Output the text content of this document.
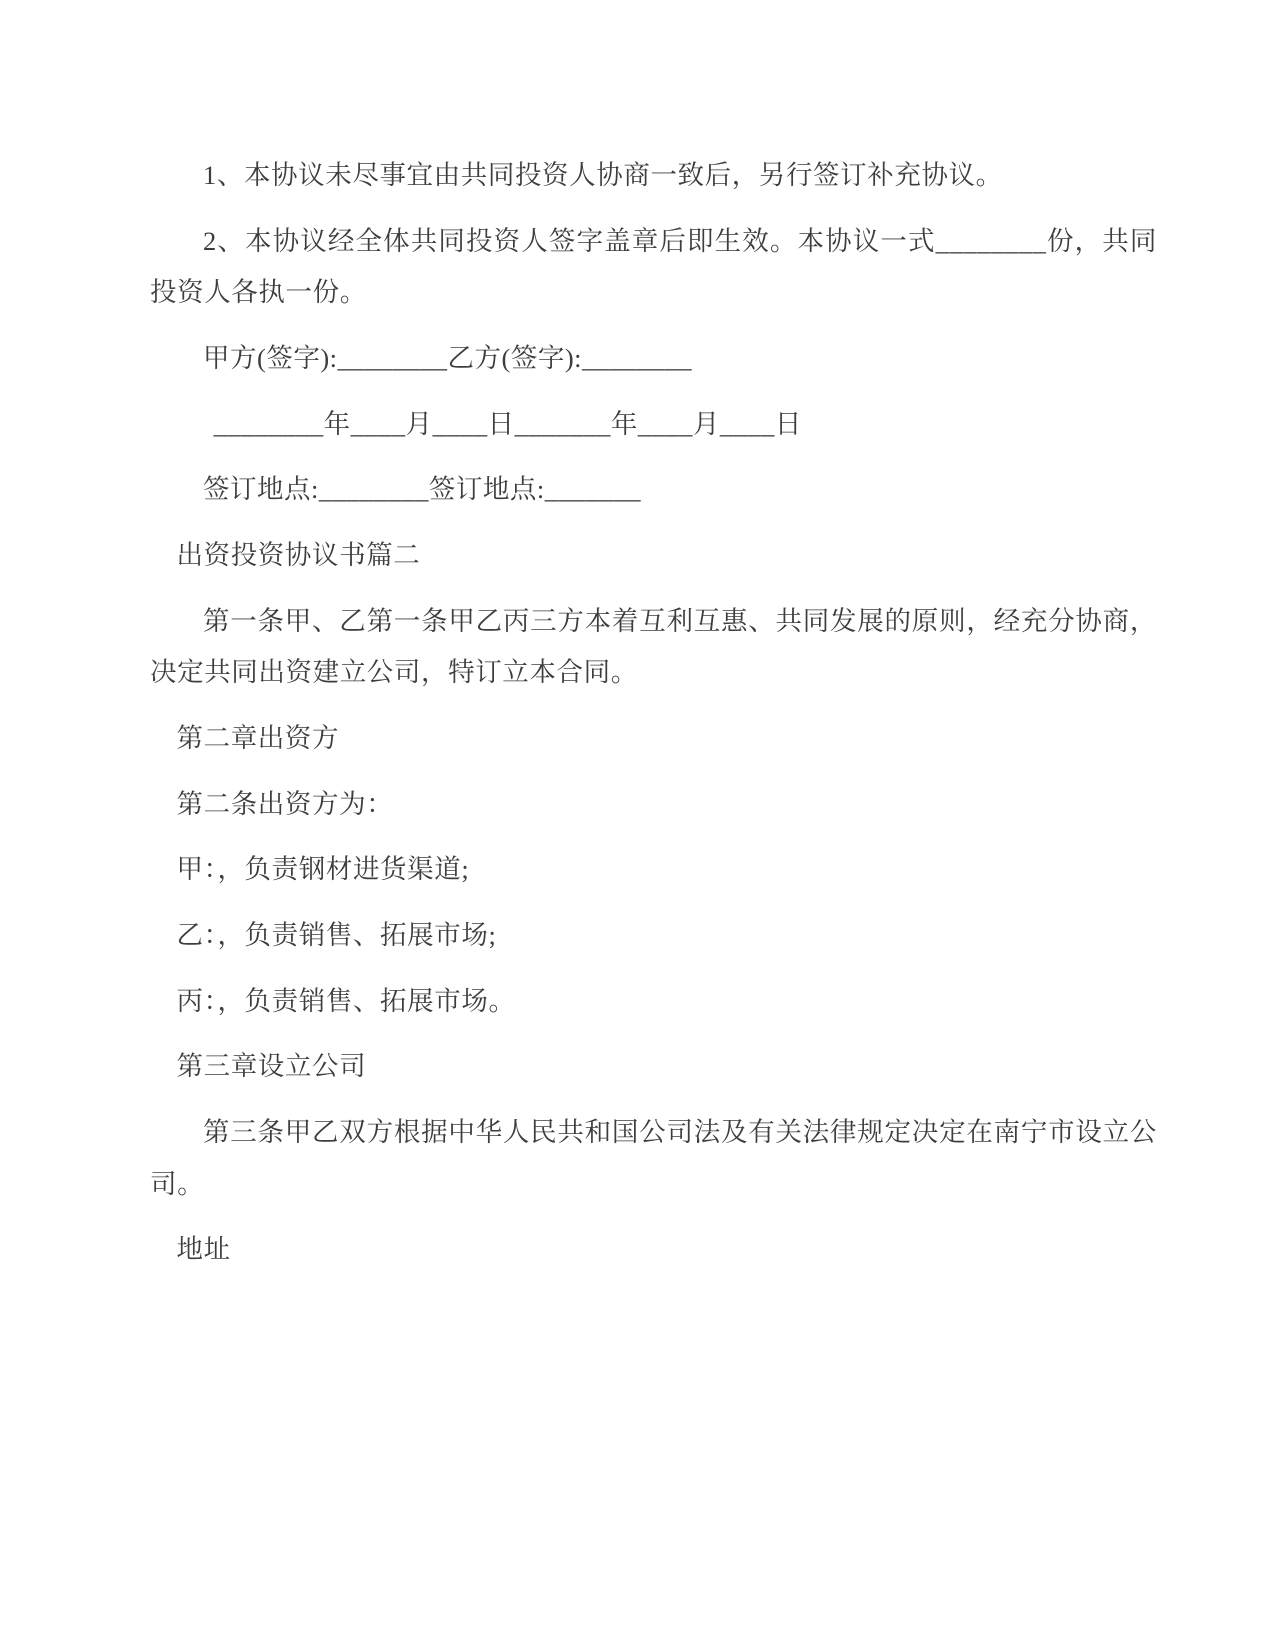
1、本协议未尽事宜由共同投资人协商一致后，另行签订补充协议。

2、本协议经全体共同投资人签字盖章后即生效。本协议一式________份，共同投资人各执一份。

甲方(签字):________乙方(签字):________

________年____月____日_______年____月____日

签订地点:________签订地点:_______

出资投资协议书篇二

第一条甲、乙第一条甲乙丙三方本着互利互惠、共同发展的原则，经充分协商，决定共同出资建立公司，特订立本合同。

第二章出资方

第二条出资方为：

甲：，负责钢材进货渠道;

乙：，负责销售、拓展市场;

丙：，负责销售、拓展市场。

第三章设立公司

第三条甲乙双方根据中华人民共和国公司法及有关法律规定决定在南宁市设立公司。

地址
